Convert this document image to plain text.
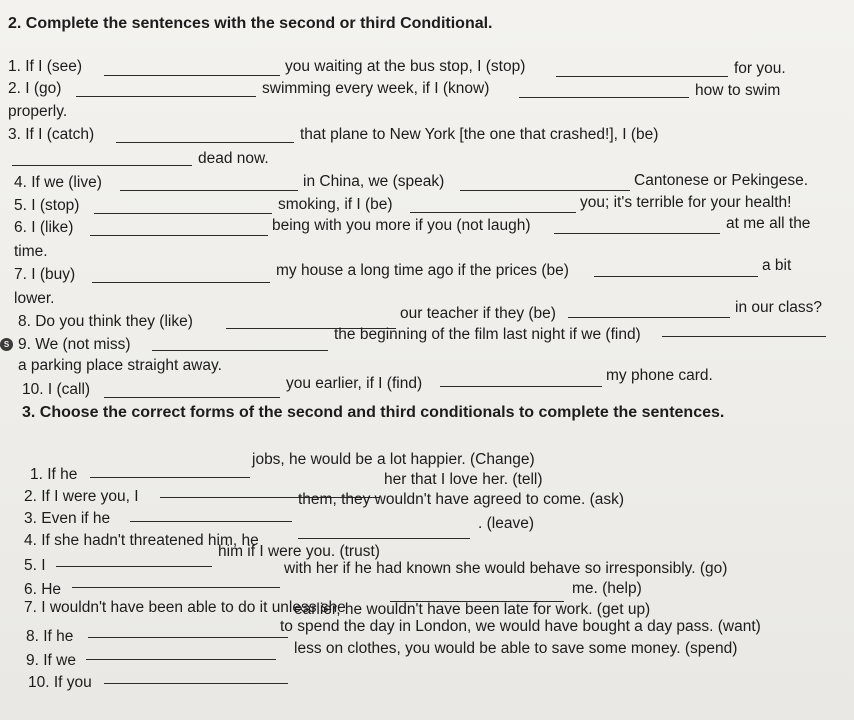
2. Complete the sentences with the second or third Conditional.
1. If I (see)	you waiting at the bus stop, I (stop)	for you.
2. I (go)	swimming every week, if I (know)	how to swim
properly.
3. If I (catch)	that plane to New York [the one that crashed!], I (be)
dead now.
4. If we (live)	in China, we (speak)	Cantonese or Pekingese.
5. I (stop)	smoking, if I (be)	you; it's terrible for your health!
6. I (like)	being with you more if you (not laugh)	at me all the
time.
7. I (buy)	my house a long time ago if the prices (be)	a bit
lower.
8. Do you think they (like)	our teacher if they (be)	in our class?
S 9. We (not miss)
the beginning of the film last night if we (find)
a parking place straight away.
10. I (call)	you earlier, if I (find)	my phone card.
3. Choose the correct forms of the second and third conditionals to complete the sentences.
1. If he
jobs, he would be a lot happier. (Change)
2. If I were you, I
her that I love her. (tell)
3. Even if he
them, they wouldn't have agreed to come. (ask)
4. If she hadn't threatened him, he
. (leave)
5. I
him if I were you. (trust)
6. He
with her if he had known she would behave so irresponsibly. (go)
7. I wouldn't have been able to do it unless she
me. (help)
8. If he
earlier, he wouldn't have been late for work. (get up)
9. If we
to spend the day in London, we would have bought a day pass. (want)
10. If you
less on clothes, you would be able to save some money. (spend)
